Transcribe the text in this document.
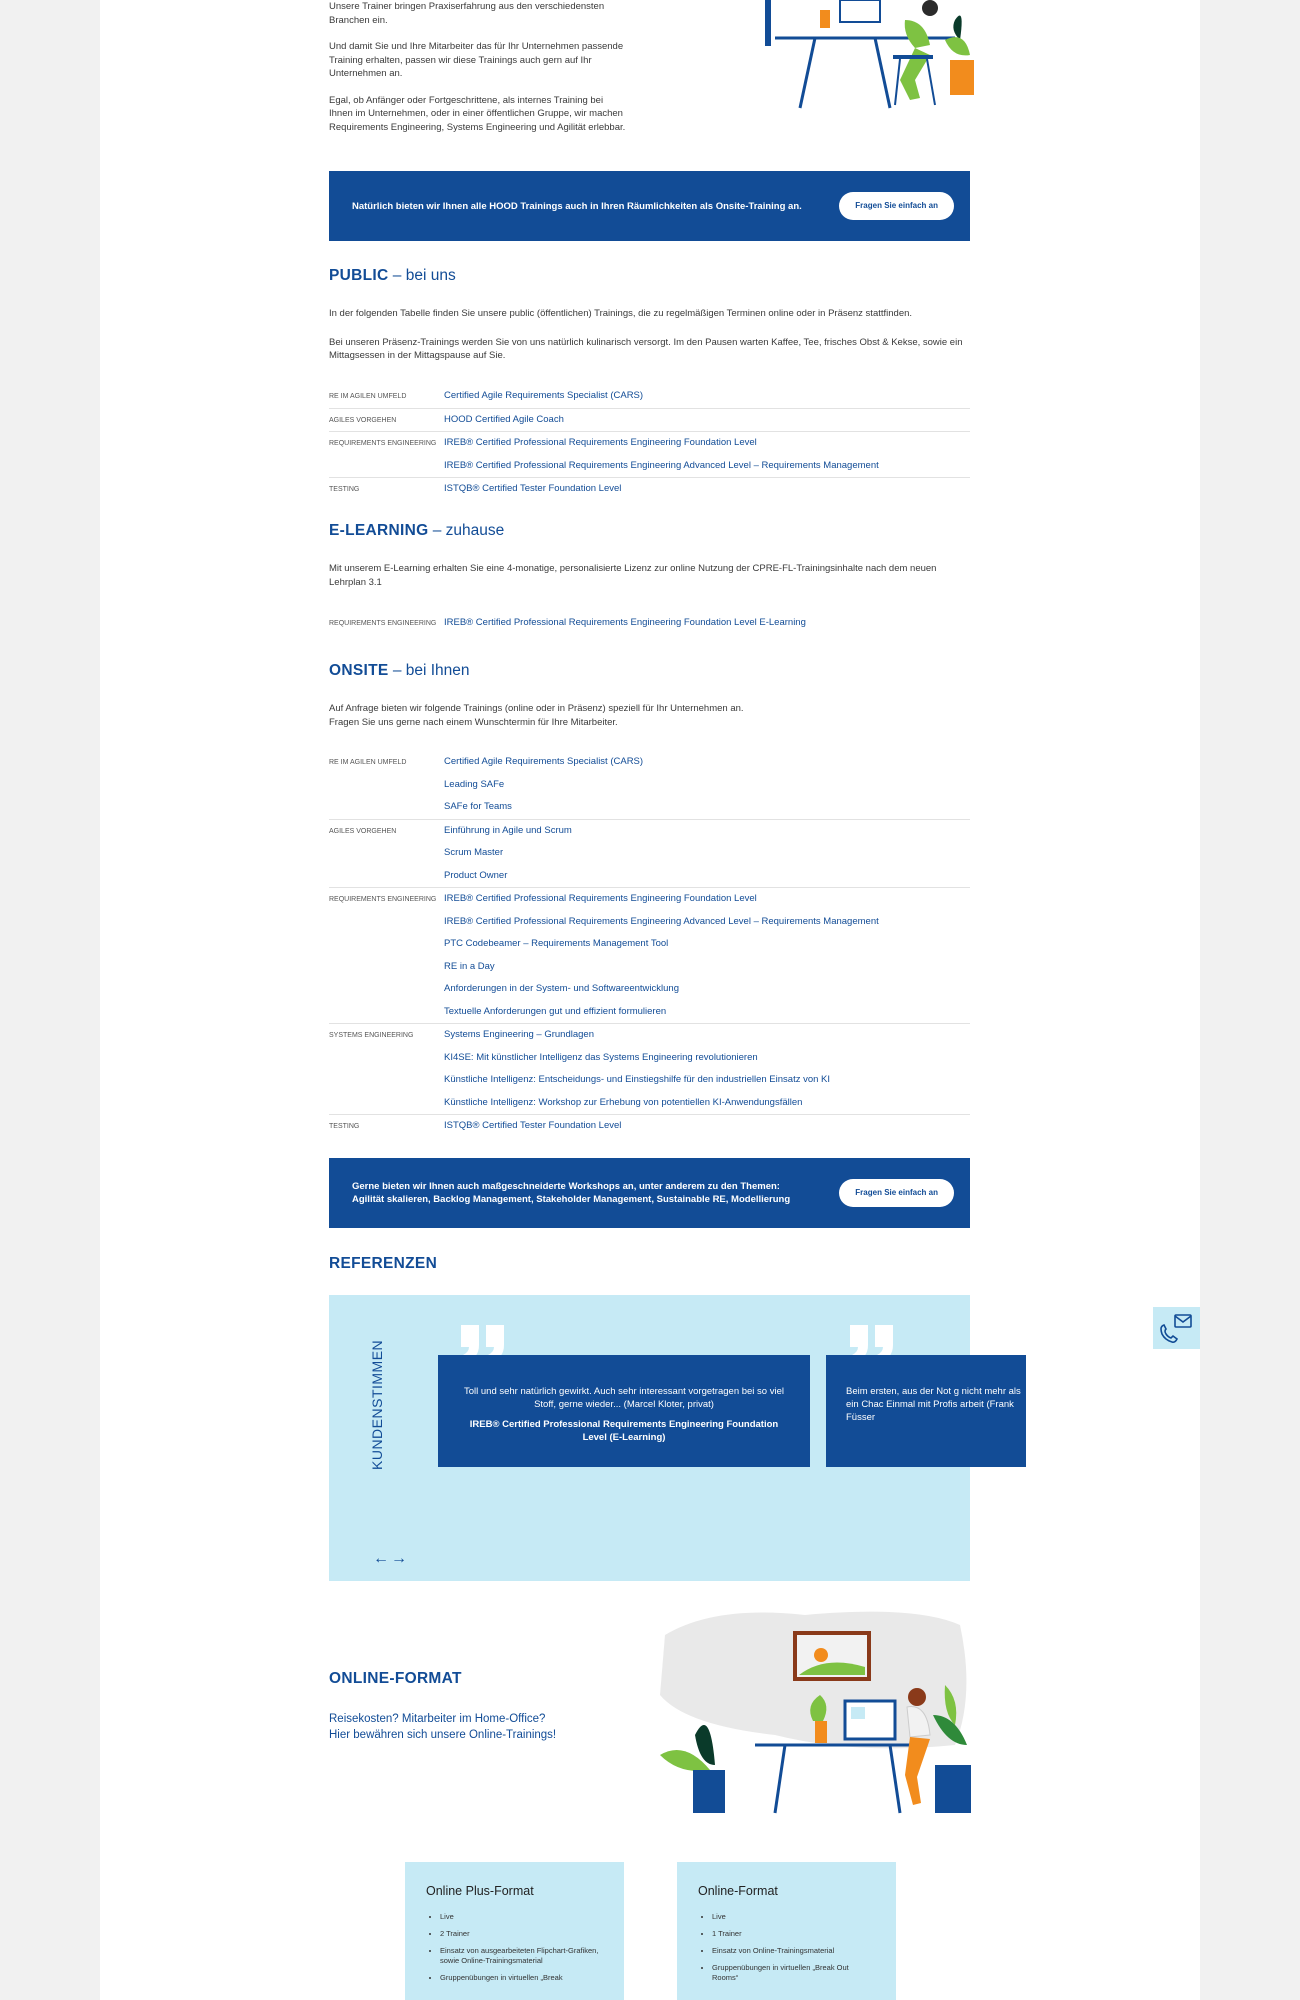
Unsere Trainer bringen Praxiserfahrung aus den verschiedensten Branchen ein.

Und damit Sie und Ihre Mitarbeiter das für Ihr Unternehmen passende Training erhalten, passen wir diese Trainings auch gern auf Ihr Unternehmen an.

Egal, ob Anfänger oder Fortgeschrittene, als internes Training bei Ihnen im Unternehmen, oder in einer öffentlichen Gruppe, wir machen Requirements Engineering, Systems Engineering und Agilität erlebbar.

Natürlich bieten wir Ihnen alle HOOD Trainings auch in Ihren Räumlichkeiten als Onsite-Training an.	Fragen Sie einfach an
PUBLIC – bei uns

In der folgenden Tabelle finden Sie unsere public (öffentlichen) Trainings, die zu regelmäßigen Terminen online oder in Präsenz stattfinden.

Bei unseren Präsenz-Trainings werden Sie von uns natürlich kulinarisch versorgt. Im den Pausen warten Kaffee, Tee, frisches Obst & Kekse, sowie ein Mittagsessen in der Mittagspause auf Sie.

RE IM AGILEN UMFELD	Certified Agile Requirements Specialist (CARS)
AGILES VORGEHEN	HOOD Certified Agile Coach
REQUIREMENTS ENGINEERING IREB® Certified Professional Requirements Engineering Foundation Level
IREB® Certified Professional Requirements Engineering Advanced Level – Requirements Management
TESTING	ISTQB® Certified Tester Foundation Level
E-LEARNING – zuhause

Mit unserem E-Learning erhalten Sie eine 4-monatige, personalisierte Lizenz zur online Nutzung der CPRE-FL-Trainingsinhalte nach dem neuen Lehrplan 3.1

REQUIREMENTS ENGINEERING IREB® Certified Professional Requirements Engineering Foundation Level E-Learning
ONSITE – bei Ihnen

Auf Anfrage bieten wir folgende Trainings (online oder in Präsenz) speziell für Ihr Unternehmen an.

Fragen Sie uns gerne nach einem Wunschtermin für Ihre Mitarbeiter.

RE IM AGILEN UMFELD	Certified Agile Requirements Specialist (CARS)
Leading SAFe
SAFe for Teams
AGILES VORGEHEN	Einführung in Agile und Scrum
Scrum Master
Product Owner
REQUIREMENTS ENGINEERING IREB® Certified Professional Requirements Engineering Foundation Level
IREB® Certified Professional Requirements Engineering Advanced Level – Requirements Management
PTC Codebeamer – Requirements Management Tool
RE in a Day
Anforderungen in der System- und Softwareentwicklung
Textuelle Anforderungen gut und effizient formulieren
SYSTEMS ENGINEERING	Systems Engineering – Grundlagen
KI4SE: Mit künstlicher Intelligenz das Systems Engineering revolutionieren
Künstliche Intelligenz: Entscheidungs- und Einstiegshilfe für den industriellen Einsatz von KI
Künstliche Intelligenz: Workshop zur Erhebung von potentiellen KI-Anwendungsfällen
TESTING	ISTQB® Certified Tester Foundation Level
Gerne bieten wir Ihnen auch maßgeschneiderte Workshops an, unter anderem zu den Themen:
Agilität skalieren, Backlog Management, Stakeholder Management, Sustainable RE, Modellierung
Fragen Sie einfach an
REFERENZEN
KUNDENSTIMMEN	Toll und sehr natürlich gewirkt. Auch sehr interessant vorgetragen bei so viel Stoff, gerne wieder... (Marcel Kloter, privat)
IREB® Certified Professional Requirements Engineering Foundation Level (E-Learning)
Beim ersten, aus der Not g nicht mehr als ein Chac Einmal mit Profis arbeit (Frank Füsser
←→
ONLINE-FORMAT
Reisekosten? Mitarbeiter im Home-Office?
Hier bewähren sich unsere Online-Trainings!
Online Plus-Format
• Live
• 2 Trainer
• Einsatz von ausgearbeiteten Flipchart-Grafiken, sowie Online-Trainingsmaterial
• Gruppenübungen in virtuellen „Break
Online-Format
• Live
• 1 Trainer
• Einsatz von Online-Trainingsmaterial
• Gruppenübungen in virtuellen „Break Out Rooms“
